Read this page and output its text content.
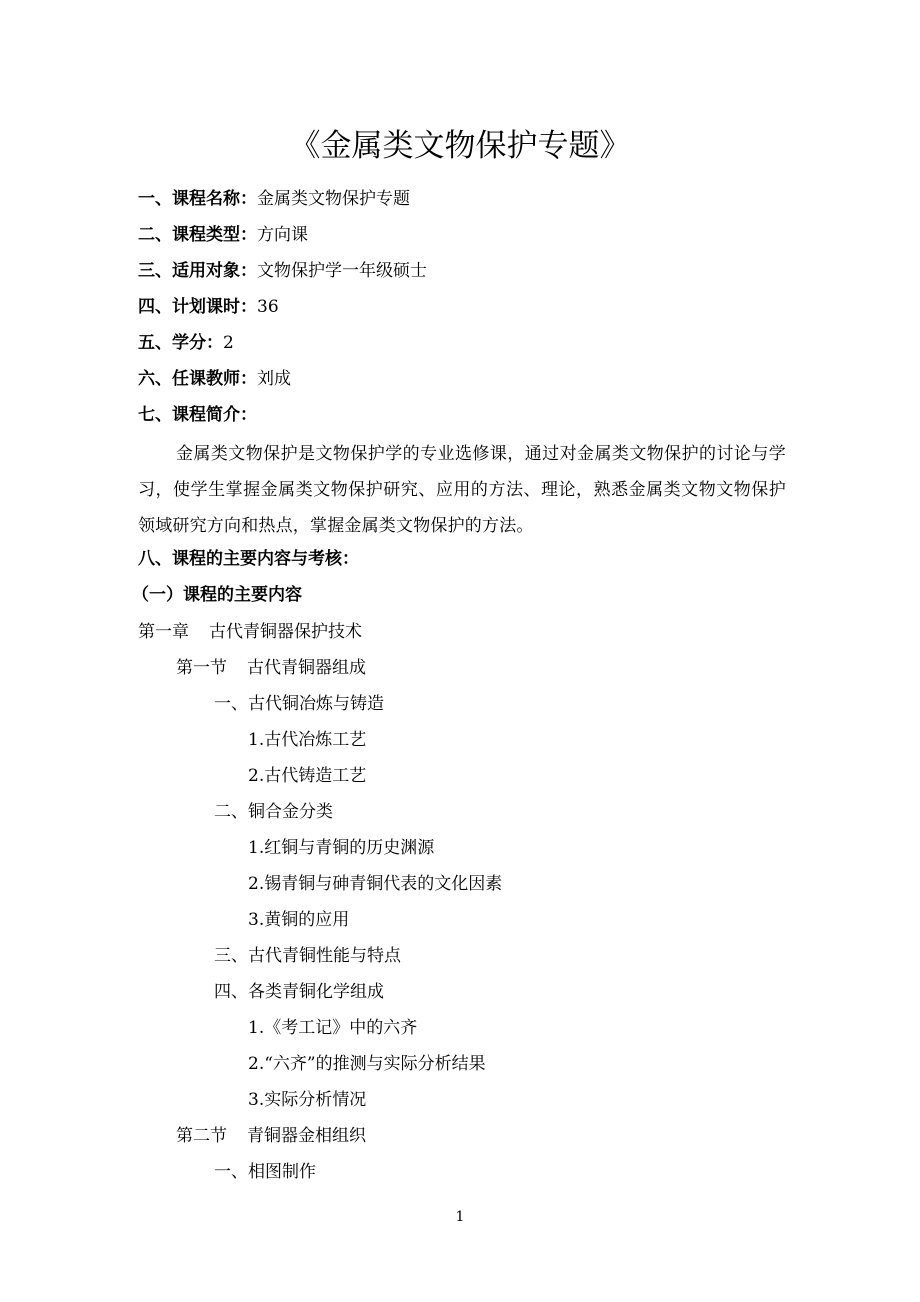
《金属类文物保护专题》
一、课程名称：金属类文物保护专题
二、课程类型：方向课
三、适用对象：文物保护学一年级硕士
四、计划课时：36
五、学分：2
六、任课教师：刘成
七、课程简介：
金属类文物保护是文物保护学的专业选修课，通过对金属类文物保护的讨论与学习，使学生掌握金属类文物保护研究、应用的方法、理论，熟悉金属类文物文物保护领域研究方向和热点，掌握金属类文物保护的方法。
八、课程的主要内容与考核：
（一）课程的主要内容
第一章 古代青铜器保护技术
第一节 古代青铜器组成
一、古代铜冶炼与铸造
1.古代冶炼工艺
2.古代铸造工艺
二、铜合金分类
1.红铜与青铜的历史渊源
2.锡青铜与砷青铜代表的文化因素
3.黄铜的应用
三、古代青铜性能与特点
四、各类青铜化学组成
1.《考工记》中的六齐
2.“六齐”的推测与实际分析结果
3.实际分析情况
第二节 青铜器金相组织
一、相图制作
1
